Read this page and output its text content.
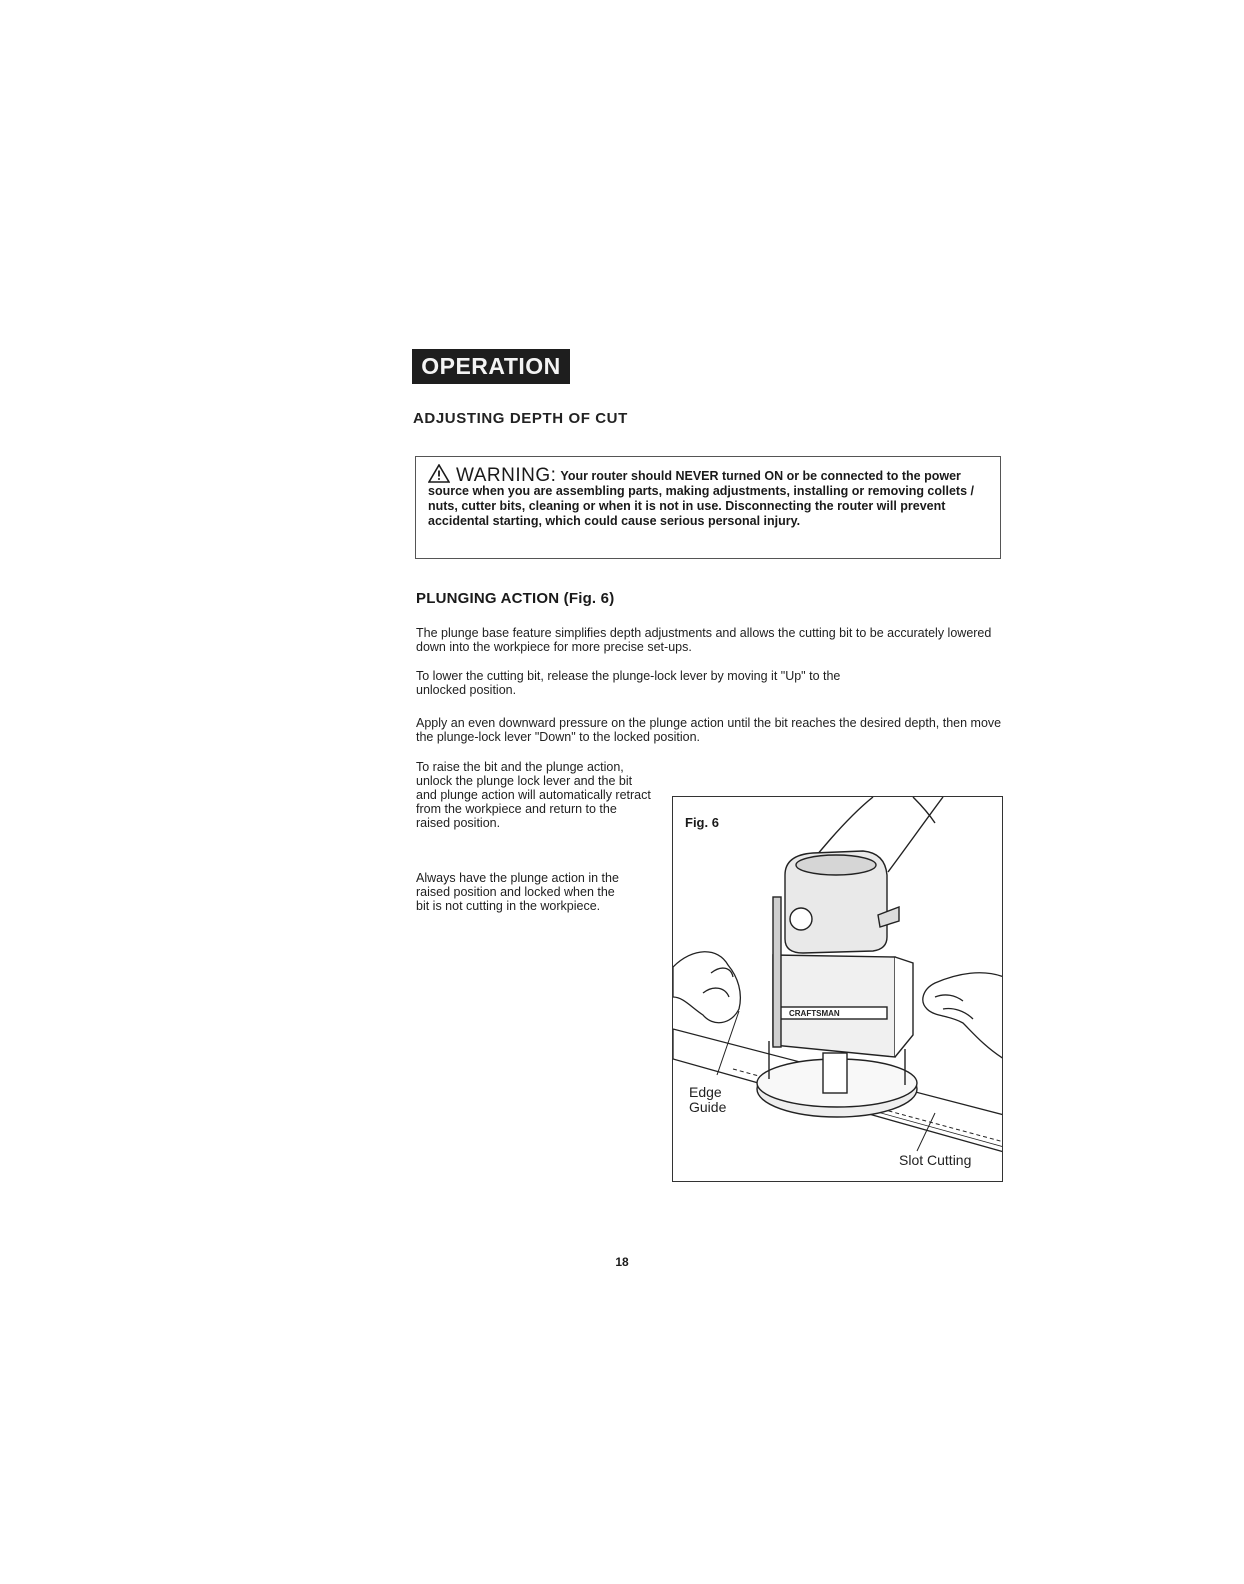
OPERATION
ADJUSTING DEPTH OF CUT
WARNING: Your router should NEVER turned ON or be connected to the power source when you are assembling parts, making adjustments, installing or removing collets / nuts, cutter bits, cleaning or when it is not in use. Disconnecting the router will prevent accidental starting, which could cause serious personal injury.
PLUNGING ACTION (Fig. 6)
The plunge base feature simplifies depth adjustments and allows the cutting bit to be accurately lowered down into the workpiece for more precise set-ups.
To lower the cutting bit, release the plunge-lock lever by moving it "Up" to the unlocked position.
Apply an even downward pressure on the plunge action until the bit reaches the desired depth, then move the plunge-lock lever "Down" to the locked position.
To raise the bit and the plunge action, unlock the plunge lock lever and the bit and plunge action will automatically retract from the workpiece and return to the raised position.
Always have the plunge action in the raised position and locked when the bit is not cutting in the workpiece.
Fig. 6
CRAFTSMAN
Edge
Guide
Slot Cutting
18
